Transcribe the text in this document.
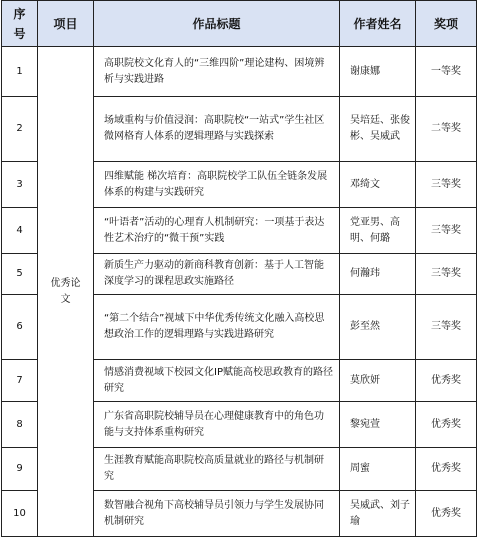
序号	项目	作品标题	作者姓名	奖项
1	优秀论文	高职院校文化育人的“三维四阶”理论建构、困境辨析与实践进路	谢康娜	一等奖
2		场域重构与价值浸润：高职院校“一站式”学生社区微网格育人体系的逻辑理路与实践探索	吴培廷、张俊彬、吴威武	二等奖
3		四维赋能 梯次培育：高职院校学工队伍全链条发展体系的构建与实践研究	邓绮文	三等奖
4		“叶语者”活动的心理育人机制研究：一项基于表达性艺术治疗的“微干预”实践	党亚男、高明、何璐	三等奖
5		新质生产力驱动的新商科教育创新：基于人工智能深度学习的课程思政实施路径	何瀚玮	三等奖
6		“第二个结合”视域下中华优秀传统文化融入高校思想政治工作的逻辑理路与实践进路研究	彭至然	三等奖
7		情感消费视域下校园文化IP赋能高校思政教育的路径研究	莫欣妍	优秀奖
8		广东省高职院校辅导员在心理健康教育中的角色功能与支持体系重构研究	黎宛萱	优秀奖
9		生涯教育赋能高职院校高质量就业的路径与机制研究	周蜜	优秀奖
10		数智融合视角下高校辅导员引领力与学生发展协同机制研究	吴威武、刘子瑜	优秀奖
